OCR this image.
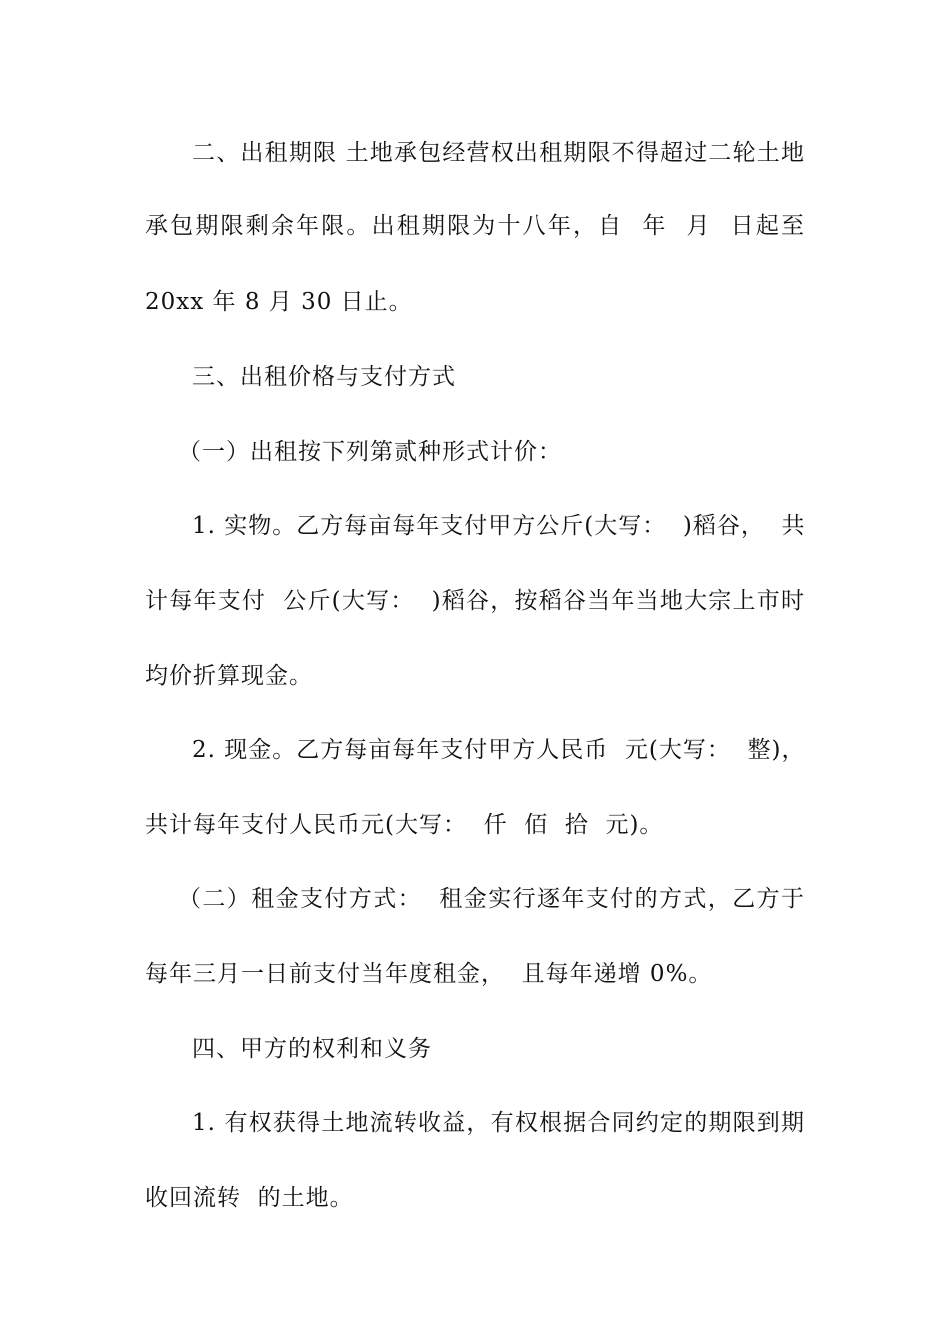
二、出租期限 土地承包经营权出租期限不得超过二轮土地
承包期限剩余年限。出租期限为十八年，自  年  月  日起至
20xx 年 8 月 30 日止。
三、出租价格与支付方式
（一）出租按下列第贰种形式计价：
1. 实物。乙方每亩每年支付甲方公斤(大写：  )稻谷，  共
计每年支付  公斤(大写：  )稻谷，按稻谷当年当地大宗上市时
均价折算现金。
2. 现金。乙方每亩每年支付甲方人民币  元(大写：  整)，
共计每年支付人民币元(大写：  仟  佰  拾  元)。
（二）租金支付方式：  租金实行逐年支付的方式，乙方于
每年三月一日前支付当年度租金，  且每年递增 0%。
四、甲方的权利和义务
1. 有权获得土地流转收益，有权根据合同约定的期限到期
收回流转  的土地。
